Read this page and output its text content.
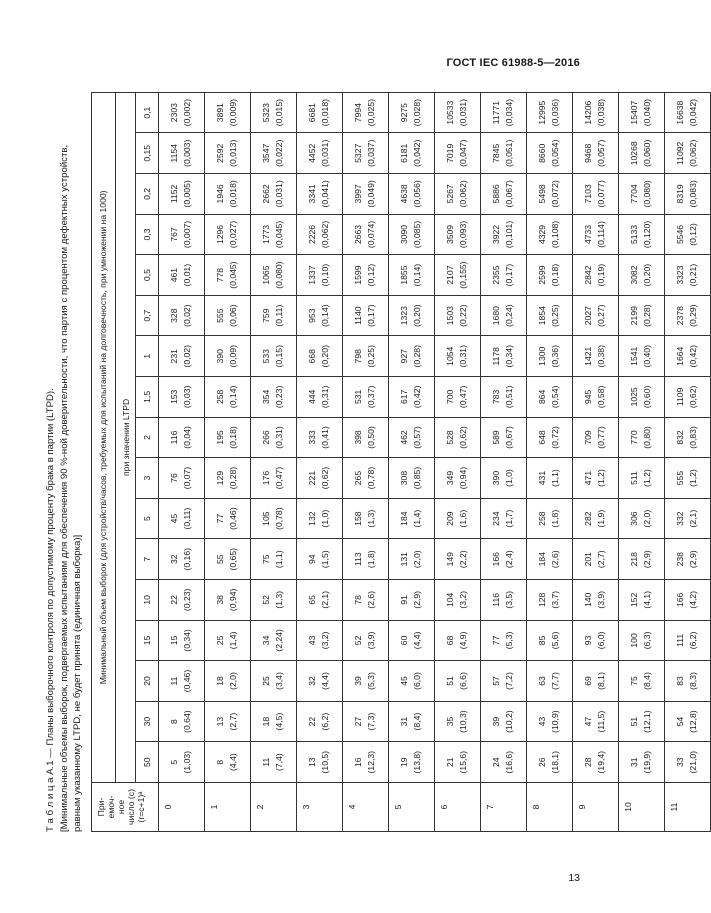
ГОСТ IEC 61988-5—2016
Т а б л и ц а А.1 — Планы выборочного контроля по допустимому проценту брака в партии (LTPD). [Минимальные объемы выборок, подвергаемых испытаниям для обеспечения 90 %-ной доверительности, что партия с процентом дефектных устройств, равным указанному LTPD, не будет принята (единичная выборка)] При-
емоч-
ное
число (с)
(r=c+1)ᵃ	Минимальный объем выборок (для устройств/часов, требуемых для испытаний на долговечность, при умножении на 1000)																
	при значении LTPD																
	50	30	20	15	10	7	5	3	2	1,5	1	0,7	0,5	0,3	0,2	0,15	0,1
0	5 (1,03)	8 (0,64)	11 (0,46)	15 (0,34)	22 (0,23)	32 (0,16)	45 (0,11)	76 (0,07)	116 (0,04)	153 (0,03)	231 (0,02)	328 (0,02)	461 (0,01)	767 (0,007)	1152 (0,005)	1154 (0,003)	2303 (0,002)

1	8 (4,4)	13 (2,7)	18 (2,0)	25 (1,4)	38 (0,94)	55 (0,65)	77 (0,46)	129 (0,28)	195 (0,18)	258 (0,14)	390 (0,09)	555 (0,06)	778 (0,045)	1296 (0,027)	1946 (0,018)	2592 (0,013)	3891 (0,009)

2	11 (7,4)	18 (4,5)	25 (3,4)	34 (2,24)	52 (1,3)	75 (1,1)	105 (0,78)	176 (0,47)	266 (0,31)	354 (0,23)	533 (0,15)	759 (0,11)	1065 (0,080)	1773 (0,045)	2662 (0,031)	3547 (0,022)	5323 (0,015)

3	13 (10,5)	22 (6,2)	32 (4,4)	43 (3,2)	65 (2,1)	94 (1,5)	132 (1,0)	221 (0,62)	333 (0,41)	444 (0,31)	668 (0,20)	953 (0,14)	1337 (0,10)	2226 (0,062)	3341 (0,041)	4452 (0,031)	6681 (0,018)

4	16 (12,3)	27 (7,3)	39 (5,3)	52 (3,9)	78 (2,6)	113 (1,8)	158 (1,3)	265 (0,78)	398 (0,50)	531 (0,37)	798 (0,25)	1140 (0,17)	1599 (0,12)	2663 (0,074)	3997 (0,049)	5327 (0,037)	7994 (0,025)

5	19 (13,8)	31 (8,4)	45 (6,0)	60 (4,4)	91 (2,9)	131 (2,0)	184 (1,4)	308 (0,85)	462 (0,57)	617 (0,42)	927 (0,28)	1323 (0,20)	1855 (0,14)	3090 (0,085)	4638 (0,056)	6181 (0,042)	9275 (0,028)

6	21 (15,6)	35 (10,3)	51 (6,6)	68 (4,9)	104 (3,2)	149 (2,2)	209 (1,6)	349 (0,94)	528 (0,62)	700 (0,47)	1054 (0,31)	1503 (0,22)	2107 (0,155)	3509 (0,093)	5267 (0,062)	7019 (0,047)	10533 (0,031)

7	24 (16,6)	39 (10,2)	57 (7,2)	77 (5,3)	116 (3,5)	166 (2,4)	234 (1,7)	390 (1,0)	589 (0,67)	783 (0,51)	1178 (0,34)	1680 (0,24)	2355 (0,17)	3922 (0,101)	5886 (0,067)	7845 (0,051)	11771 (0,034)

8	26 (18,1)	43 (10,9)	63 (7,7)	85 (5,6)	128 (3,7)	184 (2,6)	258 (1,8)	431 (1,1)	648 (0,72)	864 (0,54)	1300 (0,36)	1854 (0,25)	2599 (0,18)	4329 (0,108)	5498 (0,072)	8660 (0,054)	12995 (0,036)

9	28 (19,4)	47 (11,5)	69 (8,1)	93 (6,0)	140 (3,9)	201 (2,7)	282 (1,9)	471 (1,2)	709 (0,77)	945 (0,58)	1421 (0,38)	2027 (0,27)	2842 (0,19)	4733 (0,114)	7103 (0,077)	9468 (0,057)	14206 (0,038)

10	31 (19,9)	51 (12,1)	75 (8,4)	100 (6,3)	152 (4,1)	218 (2,9)	306 (2,0)	511 (1,2)	770 (0,80)	1025 (0,60)	1541 (0,40)	2199 (0,28)	3082 (0,20)	5133 (0,120)	7704 (0,080)	10268 (0,060)	15407 (0,040)

11	33 (21,0)	54 (12,8)	83 (8,3)	111 (6,2)	166 (4,2)	238 (2,9)	332 (2,1)	555 (1,2)	832 (0,83)	1109 (0,62)	1664 (0,42)	2378 (0,29)	3323 (0,21)	5546 (0,12)	8319 (0,083)	11092 (0,062)	16638 (0,042)
13
